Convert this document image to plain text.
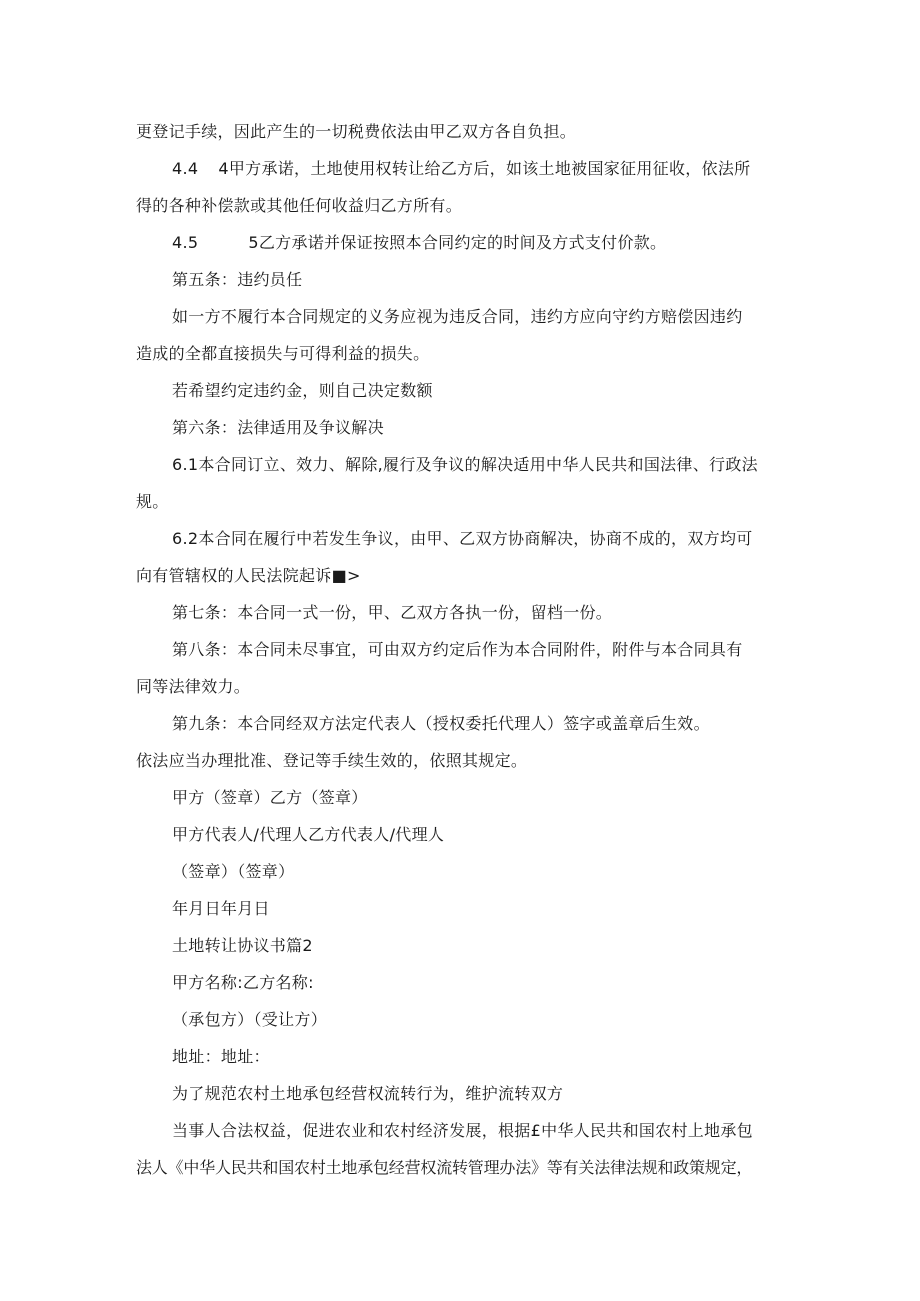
更登记手续，因此产生的一切税费依法由甲乙双方各自负担。
4.4 4甲方承诺，土地使用权转让给乙方后，如该土地被国家征用征收，依法所
得的各种补偿款或其他任何收益归乙方所有。
4.5	5乙方承诺并保证按照本合同约定的时间及方式支付价款。
第五条：违约员任
如一方不履行本合同规定的义务应视为违反合同，违约方应向守约方赔偿因违约
造成的全都直接损失与可得利益的损失。
若希望约定违约金，则自己决定数额
第六条：法律适用及争议解决
6.1本合同订立、效力、解除,履行及争议的解决适用中华人民共和国法律、行政法
规。
6.2本合同在履行中若发生争议，由甲、乙双方协商解决，协商不成的，双方均可
向有管辖权的人民法院起诉■>
第七条：本合同一式一份，甲、乙双方各执一份，留档一份。
第八条：本合同未尽事宜，可由双方约定后作为本合同附件，附件与本合同具有
同等法律效力。
第九条：本合同经双方法定代表人（授权委托代理人）签字或盖章后生效。
依法应当办理批准、登记等手续生效的，依照其规定。
甲方（签章）乙方（签章）
甲方代表人/代理人乙方代表人/代理人
（签章）（签章）
年月日年月日
土地转让协议书篇2
甲方名称:乙方名称:
（承包方）（受让方）
地址：地址：
为了规范农村土地承包经营权流转行为，维护流转双方
当事人合法权益，促进农业和农村经济发展，根据£中华人民共和国农村上地承包
法人《中华人民共和国农村土地承包经营权流转管理办法》等有关法律法规和政策规定，
